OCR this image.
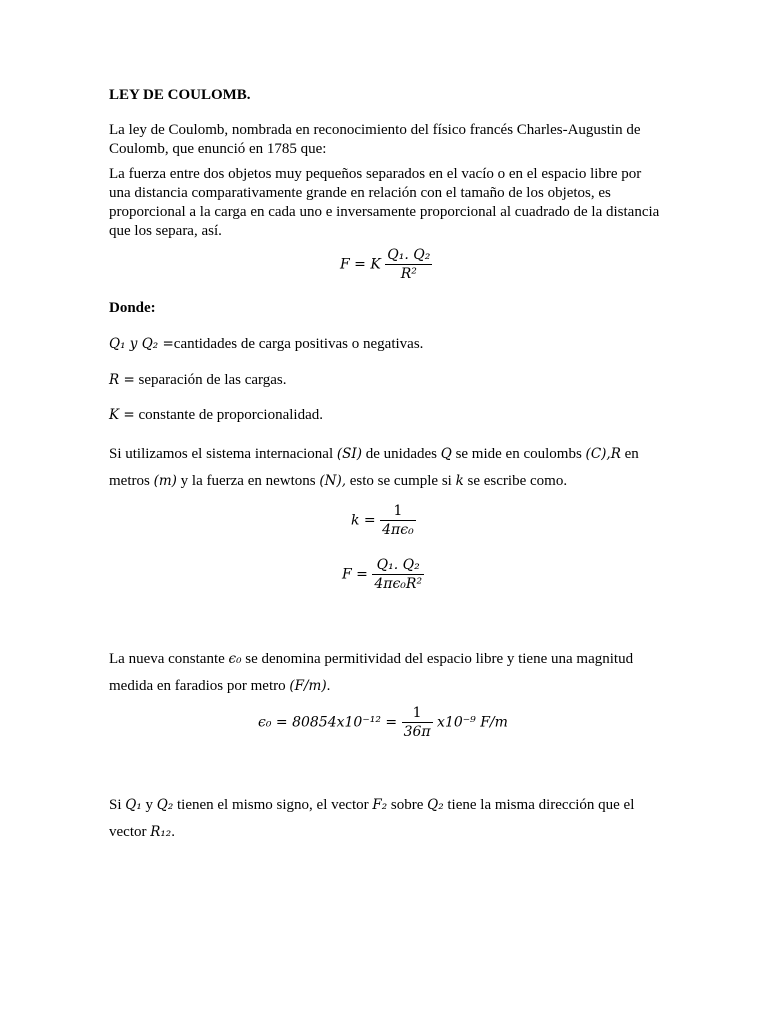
LEY DE COULOMB.
La ley de Coulomb, nombrada en reconocimiento del físico francés Charles-Augustin de Coulomb, que enunció en 1785 que:
La fuerza entre dos objetos muy pequeños separados en el vacío o en el espacio libre por una distancia comparativamente grande en relación con el tamaño de los objetos, es proporcional a la carga en cada uno e inversamente proporcional al cuadrado de la distancia que los separa, así.
F = K $\frac{\text{Q₁. Q₂}}{\text{R²}}$
Donde:
Q₁ y Q₂ =cantidades de carga positivas o negativas.
R = separación de las cargas.
K = constante de proporcionalidad.
Si utilizamos el sistema internacional (SI) de unidades Q se mide en coulombs (C),R en
metros (m) y la fuerza en newtons (N), esto se cumple si k se escribe como.
$k = \frac{1}{\text{4πϵ₀}}$
$F = \frac{\text{Q₁. Q₂}}{\text{4πϵ₀R²}}$
La nueva constante ϵ₀ se denomina permitividad del espacio libre y tiene una magnitud
medida en faradios por metro (F/m).
$\epsilon_0 = 80854x10^{-12} = \frac{1}{36\pi} x10^{-9}$ F/m
Si Q₁ y Q₂ tienen el mismo signo, el vector F₂ sobre Q₂ tiene la misma dirección que el
vector R₁₂.
